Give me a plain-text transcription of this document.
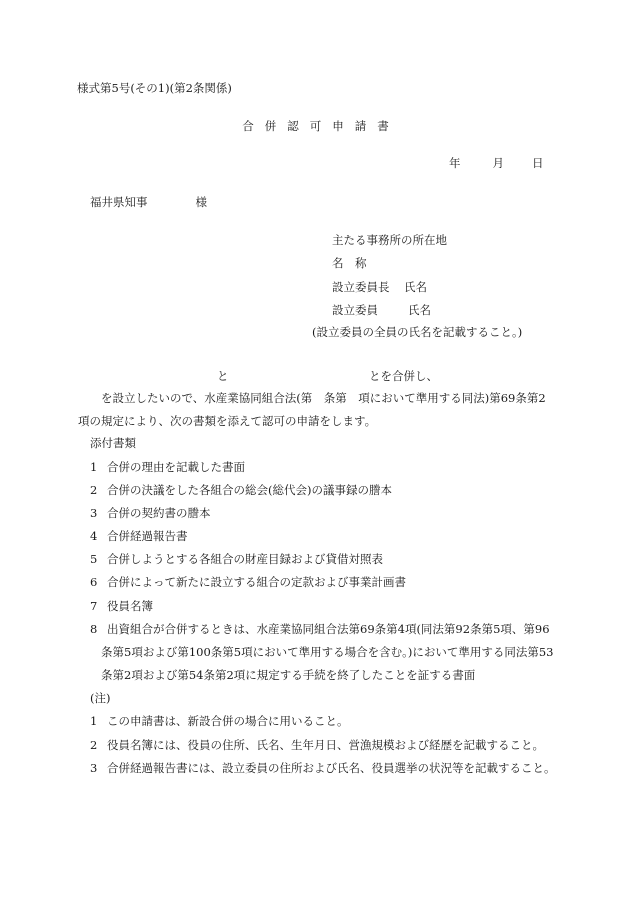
様式第5号(その1)(第2条関係)
合併認可申請書
年	月 日
福井県知事	様
主たる事務所の所在地
名　称
設立委員長 氏名
設立委員	氏名
(設立委員の全員の氏名を記載すること。)
と	とを合併し、
を設立したいので、水産業協同組合法(第　条第　項において準用する同法)第69条第2
項の規定により、次の書類を添えて認可の申請をします。
添付書類
1 合併の理由を記載した書面
2 合併の決議をした各組合の総会(総代会)の議事録の謄本
3 合併の契約書の謄本
4 合併経過報告書
5 合併しようとする各組合の財産目録および貸借対照表
6 合併によって新たに設立する組合の定款および事業計画書
7 役員名簿
8 出資組合が合併するときは、水産業協同組合法第69条第4項(同法第92条第5項、第96
条第5項および第100条第5項において準用する場合を含む。)において準用する同法第53
条第2項および第54条第2項に規定する手続を終了したことを証する書面
(注)
1 この申請書は、新設合併の場合に用いること。
2 役員名簿には、役員の住所、氏名、生年月日、営漁規模および経歴を記載すること。
3 合併経過報告書には、設立委員の住所および氏名、役員選挙の状況等を記載すること。
